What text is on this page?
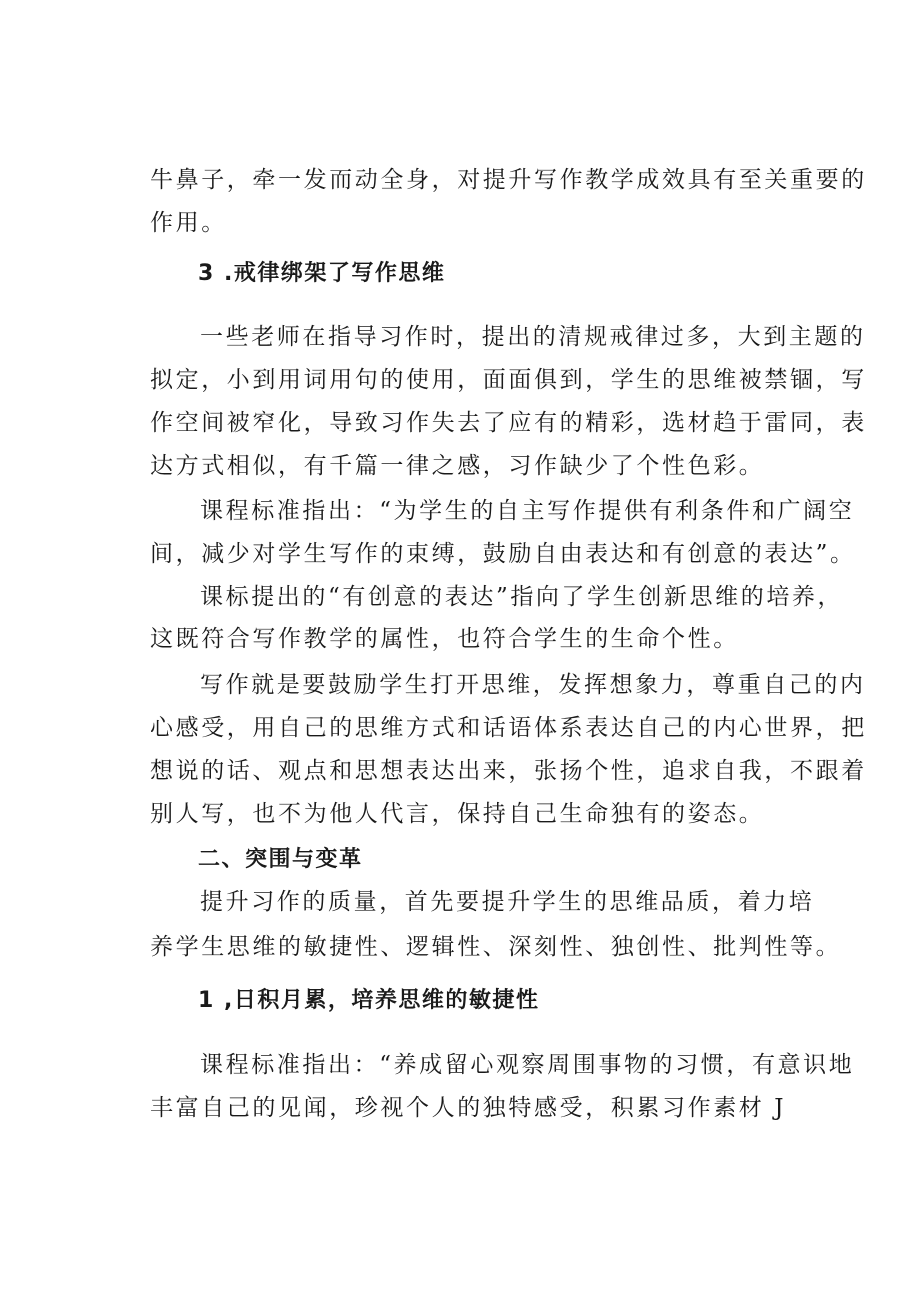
牛鼻子，牵一发而动全身，对提升写作教学成效具有至关重要的
作用。
3 .戒律绑架了写作思维
一些老师在指导习作时，提出的清规戒律过多，大到主题的
拟定，小到用词用句的使用，面面俱到，学生的思维被禁锢，写
作空间被窄化，导致习作失去了应有的精彩，选材趋于雷同，表
达方式相似，有千篇一律之感，习作缺少了个性色彩。
课程标准指出：“为学生的自主写作提供有利条件和广阔空
间，减少对学生写作的束缚，鼓励自由表达和有创意的表达”。
课标提出的“有创意的表达”指向了学生创新思维的培养，
这既符合写作教学的属性，也符合学生的生命个性。
写作就是要鼓励学生打开思维，发挥想象力，尊重自己的内
心感受，用自己的思维方式和话语体系表达自己的内心世界，把
想说的话、观点和思想表达出来，张扬个性，追求自我，不跟着
别人写，也不为他人代言，保持自己生命独有的姿态。
二、突围与变革
提升习作的质量，首先要提升学生的思维品质，着力培
养学生思维的敏捷性、逻辑性、深刻性、独创性、批判性等。
1 ,日积月累，培养思维的敏捷性
课程标准指出：“养成留心观察周围事物的习惯，有意识地
丰富自己的见闻，珍视个人的独特感受，积累习作素材 J
